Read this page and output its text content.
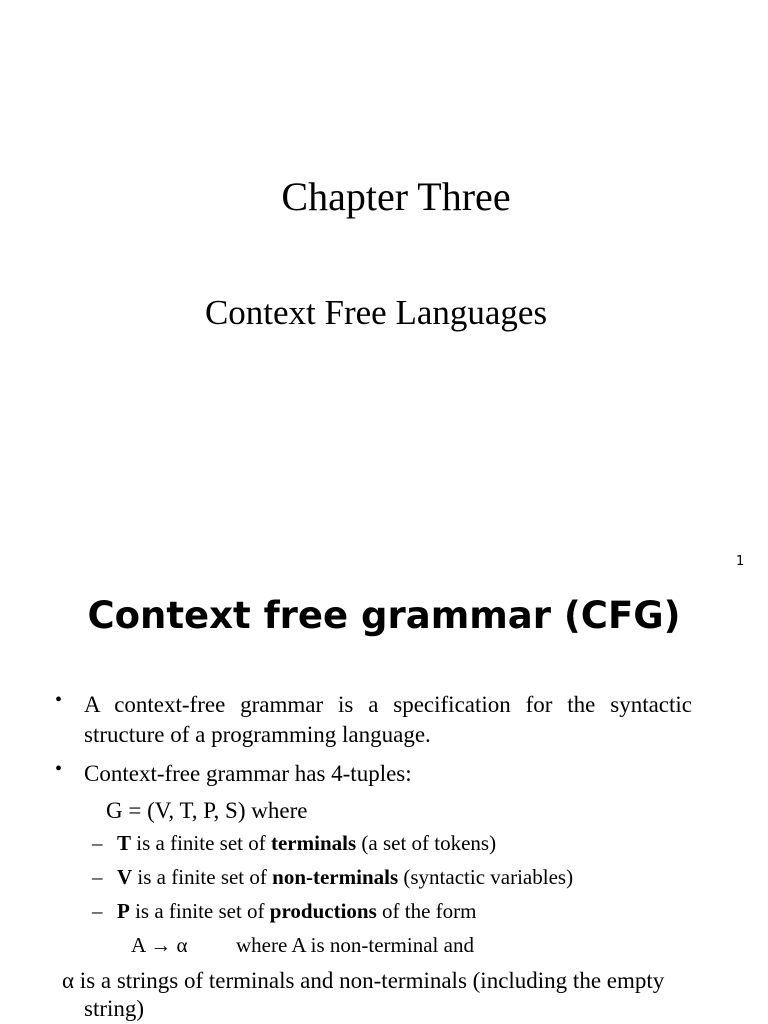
Chapter Three
Context Free Languages
1
Context free grammar (CFG)
• A context-free grammar is a specification for the syntactic structure of a programming language.
• Context-free grammar has 4-tuples:
G = (V, T, P, S) where
– T is a finite set of terminals (a set of tokens)
– V is a finite set of non-terminals (syntactic variables)
– P is a finite set of productions of the form
A → α where A is non-terminal and
α is a strings of terminals and non-terminals (including the empty
string)
